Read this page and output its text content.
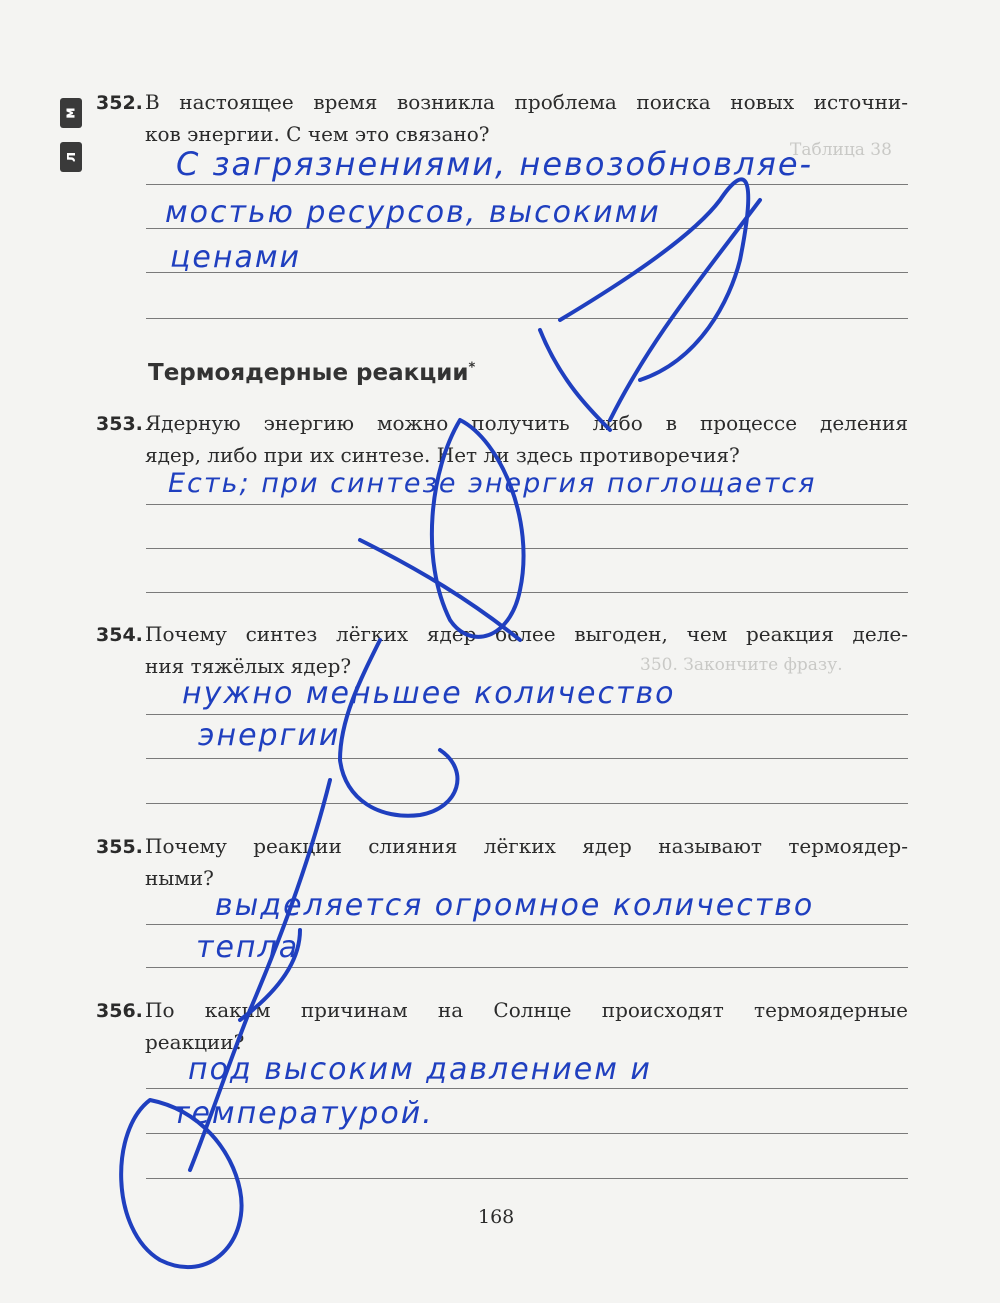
Таблица 38
350. Закончите фразу.
м
л
352. В настоящее время возникла проблема поиска новых источни-
ков энергии. С чем это связано?
С загрязнениями, невозобновляе-
мостью ресурсов, высокими
ценами
Термоядерные реакции*
353. Ядерную энергию можно получить либо в процессе деления
ядер, либо при их синтезе. Нет ли здесь противоречия?
Есть; при синтезе энергия поглощается
354. Почему синтез лёгких ядер более выгоден, чем реакция деле-
ния тяжёлых ядер?
нужно меньшее количество
энергии
355. Почему реакции слияния лёгких ядер называют термоядер-
ными?
выделяется огромное количество
тепла
356. По каким причинам на Солнце происходят термоядерные
реакции?
под высоким давлением и
температурой.
168
